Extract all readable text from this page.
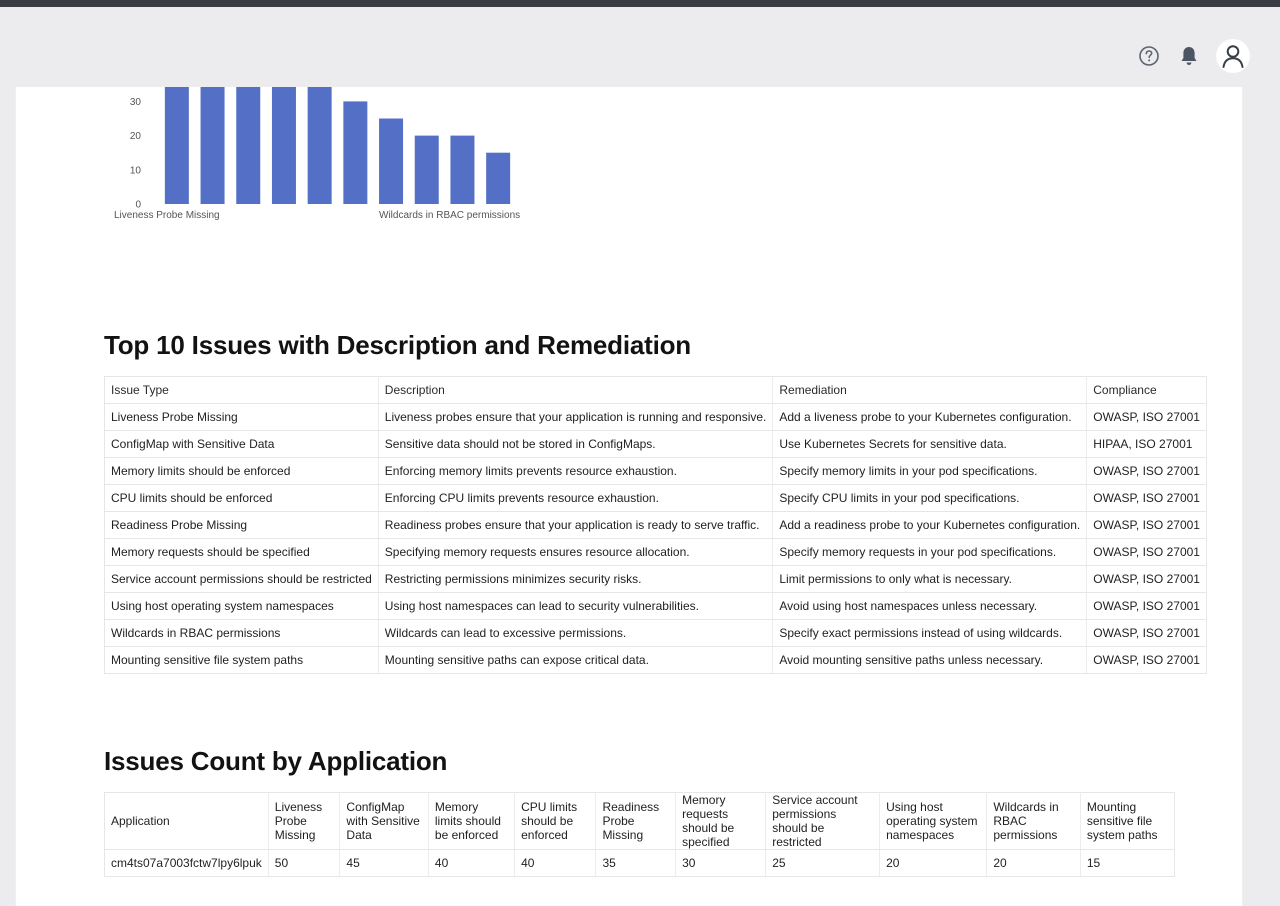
0
10
20
30
Liveness Probe Missing	Wildcards in RBAC permissions
Top 10 Issues with Description and Remediation
Issue Type	Description	Remediation	Compliance
Liveness Probe Missing	Liveness probes ensure that your application is running and responsive.	Add a liveness probe to your Kubernetes configuration.	OWASP, ISO 27001
ConfigMap with Sensitive Data	Sensitive data should not be stored in ConfigMaps.	Use Kubernetes Secrets for sensitive data.	HIPAA, ISO 27001
Memory limits should be enforced	Enforcing memory limits prevents resource exhaustion.	Specify memory limits in your pod specifications.	OWASP, ISO 27001
CPU limits should be enforced	Enforcing CPU limits prevents resource exhaustion.	Specify CPU limits in your pod specifications.	OWASP, ISO 27001
Readiness Probe Missing	Readiness probes ensure that your application is ready to serve traffic.	Add a readiness probe to your Kubernetes configuration.	OWASP, ISO 27001
Memory requests should be specified	Specifying memory requests ensures resource allocation.	Specify memory requests in your pod specifications.	OWASP, ISO 27001
Service account permissions should be restricted	Restricting permissions minimizes security risks.	Limit permissions to only what is necessary.	OWASP, ISO 27001
Using host operating system namespaces	Using host namespaces can lead to security vulnerabilities.	Avoid using host namespaces unless necessary.	OWASP, ISO 27001
Wildcards in RBAC permissions	Wildcards can lead to excessive permissions.	Specify exact permissions instead of using wildcards.	OWASP, ISO 27001
Mounting sensitive file system paths	Mounting sensitive paths can expose critical data.	Avoid mounting sensitive paths unless necessary.	OWASP, ISO 27001
Issues Count by Application
Application	Liveness Probe Missing	ConfigMap with Sensitive Data	Memory limits should be enforced	CPU limits should be enforced	Readiness Probe Missing	Memory requests should be specified	Service account permissions should be restricted	Using host operating system namespaces	Wildcards in RBAC permissions	Mounting sensitive file system paths
cm4ts07a7003fctw7lpy6lpuk	50	45	40	40	35	30	25	20	20	15
